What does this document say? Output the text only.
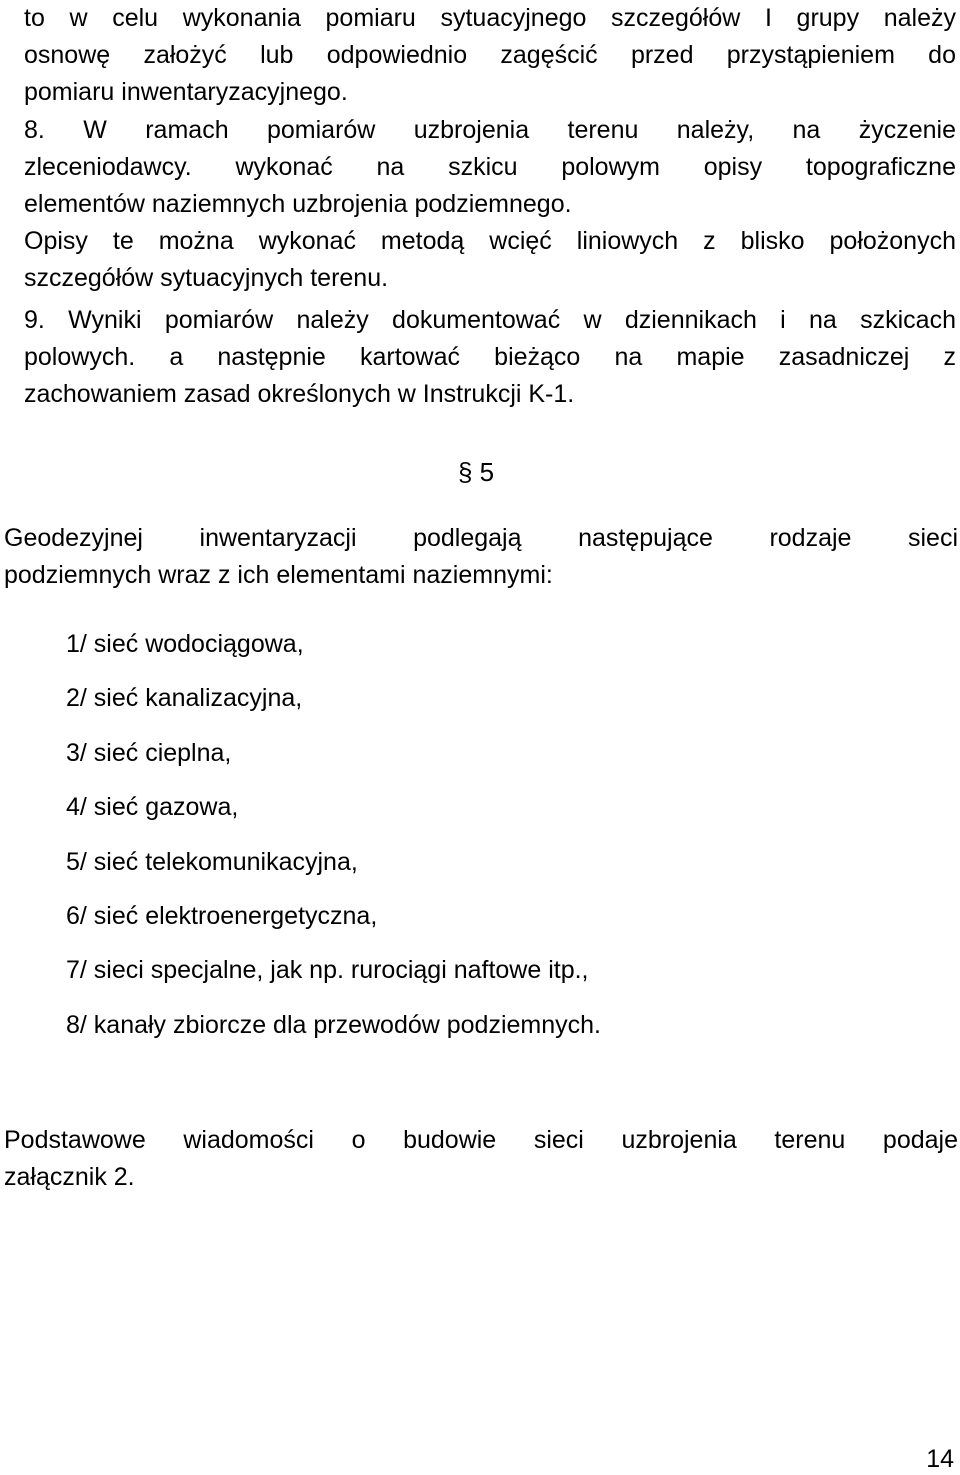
to w celu wykonania pomiaru sytuacyjnego szczegółów I grupy należy
osnowę założyć lub odpowiednio zagęścić przed przystąpieniem do
pomiaru inwentaryzacyjnego.
8. W ramach pomiarów uzbrojenia terenu należy, na życzenie
zleceniodawcy. wykonać na szkicu polowym opisy topograficzne
elementów naziemnych uzbrojenia podziemnego.
Opisy te można wykonać metodą wcięć liniowych z blisko położonych
szczegółów sytuacyjnych terenu.
9. Wyniki pomiarów należy dokumentować w dziennikach i na szkicach
polowych. a następnie kartować bieżąco na mapie zasadniczej z
zachowaniem zasad określonych w Instrukcji K-1.
§ 5
Geodezyjnej inwentaryzacji podlegają następujące rodzaje sieci
podziemnych wraz z ich elementami naziemnymi:
1/ sieć wodociągowa,
2/ sieć kanalizacyjna,
3/ sieć cieplna,
4/ sieć gazowa,
5/ sieć telekomunikacyjna,
6/ sieć elektroenergetyczna,
7/ sieci specjalne, jak np. rurociągi naftowe itp.,
8/ kanały zbiorcze dla przewodów podziemnych.
Podstawowe wiadomości o budowie sieci uzbrojenia terenu podaje
załącznik 2.
14
